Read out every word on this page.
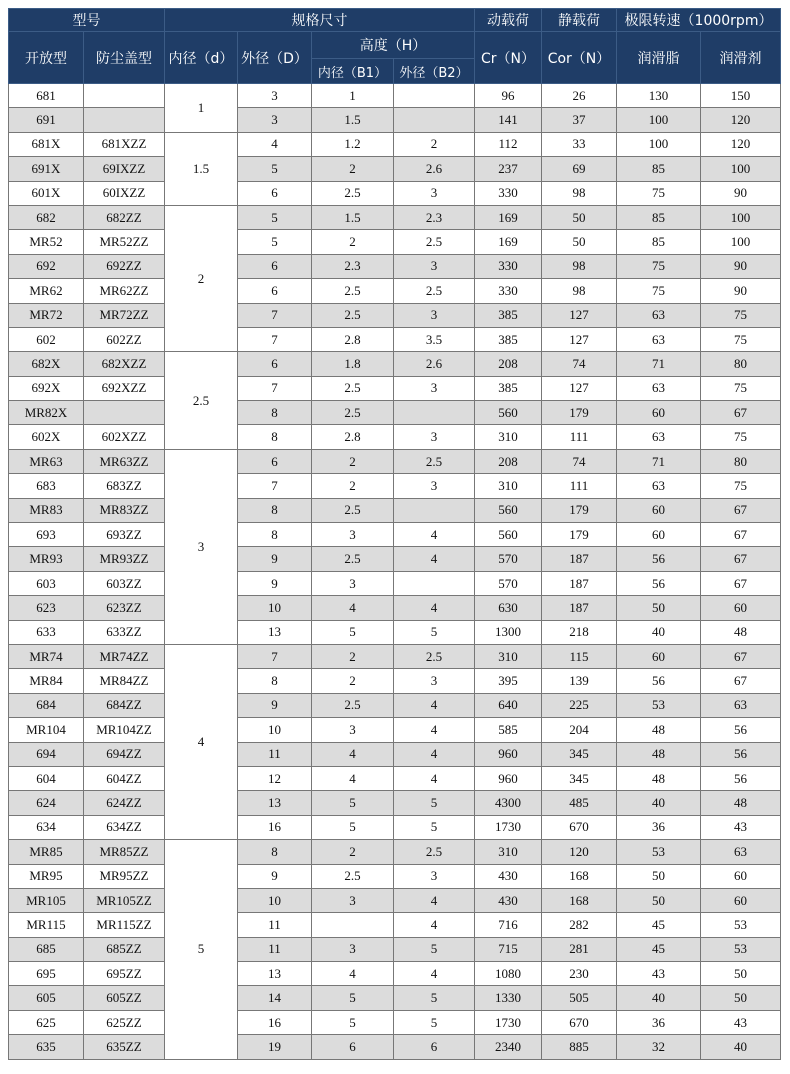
型号		规格尺寸				动载荷	静载荷	极限转速（1000rpm）	
开放型	防尘盖型	内径（d）	外径（D）	高度（H）		Cr（N）	Cor（N）	润滑脂	润滑剂
				内径（B1）	外径（B2）				
681		1	3	1		96	26	130	150
691			3	1.5		141	37	100	120
681X	681XZZ	1.5	4	1.2	2	112	33	100	120
691X	69IXZZ		5	2	2.6	237	69	85	100
601X	60IXZZ		6	2.5	3	330	98	75	90
682	682ZZ	2	5	1.5	2.3	169	50	85	100
MR52	MR52ZZ		5	2	2.5	169	50	85	100
692	692ZZ		6	2.3	3	330	98	75	90
MR62	MR62ZZ		6	2.5	2.5	330	98	75	90
MR72	MR72ZZ		7	2.5	3	385	127	63	75
602	602ZZ		7	2.8	3.5	385	127	63	75
682X	682XZZ	2.5	6	1.8	2.6	208	74	71	80
692X	692XZZ		7	2.5	3	385	127	63	75
MR82X			8	2.5		560	179	60	67
602X	602XZZ		8	2.8	3	310	111	63	75
MR63	MR63ZZ	3	6	2	2.5	208	74	71	80
683	683ZZ		7	2	3	310	111	63	75
MR83	MR83ZZ		8	2.5		560	179	60	67
693	693ZZ		8	3	4	560	179	60	67
MR93	MR93ZZ		9	2.5	4	570	187	56	67
603	603ZZ		9	3		570	187	56	67
623	623ZZ		10	4	4	630	187	50	60
633	633ZZ		13	5	5	1300	218	40	48
MR74	MR74ZZ	4	7	2	2.5	310	115	60	67
MR84	MR84ZZ		8	2	3	395	139	56	67
684	684ZZ		9	2.5	4	640	225	53	63
MR104	MR104ZZ		10	3	4	585	204	48	56
694	694ZZ		11	4	4	960	345	48	56
604	604ZZ		12	4	4	960	345	48	56
624	624ZZ		13	5	5	4300	485	40	48
634	634ZZ		16	5	5	1730	670	36	43
MR85	MR85ZZ	5	8	2	2.5	310	120	53	63
MR95	MR95ZZ		9	2.5	3	430	168	50	60
MR105	MR105ZZ		10	3	4	430	168	50	60
MR115	MR115ZZ		11		4	716	282	45	53
685	685ZZ		11	3	5	715	281	45	53
695	695ZZ		13	4	4	1080	230	43	50
605	605ZZ		14	5	5	1330	505	40	50
625	625ZZ		16	5	5	1730	670	36	43
635	635ZZ		19	6	6	2340	885	32	40
